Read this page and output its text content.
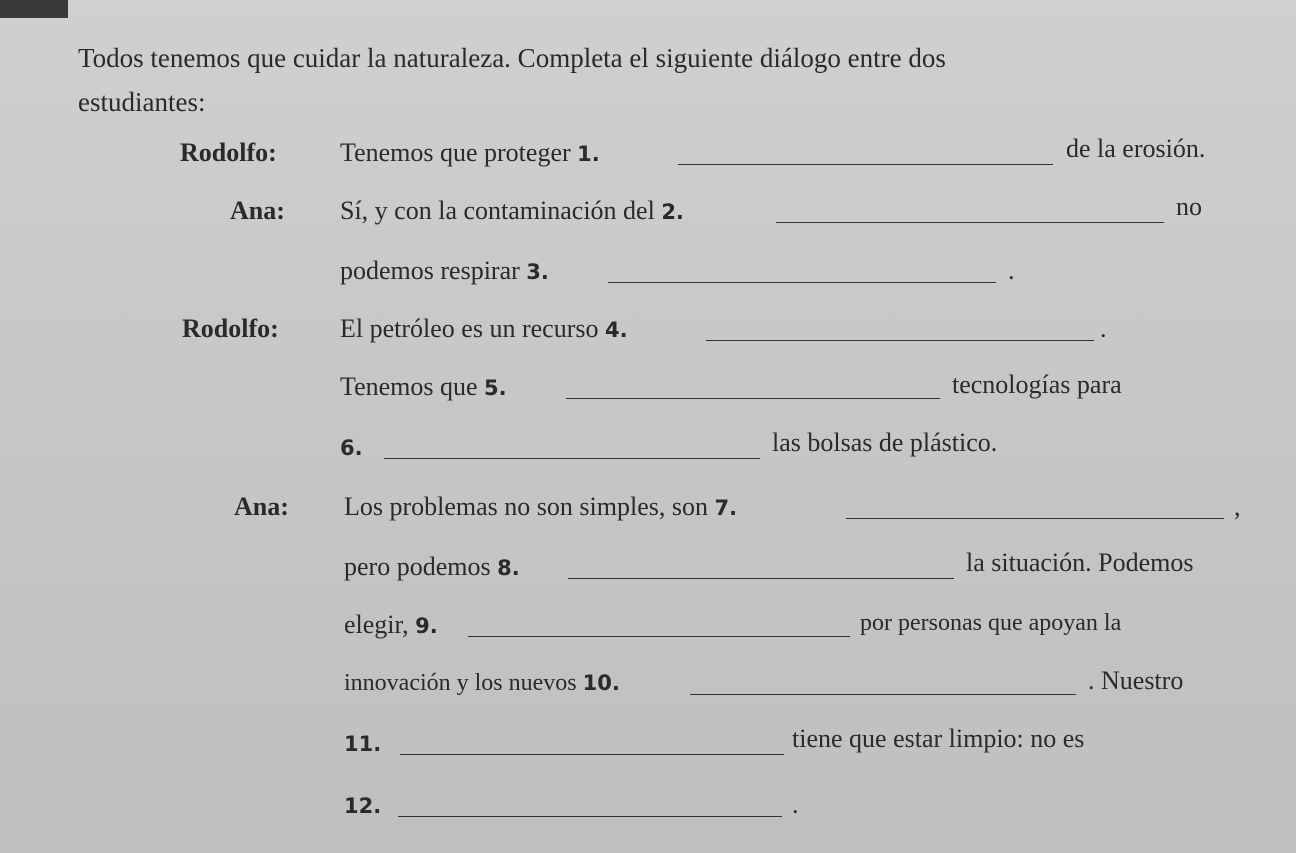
Todos tenemos que cuidar la naturaleza. Completa el siguiente diálogo entre dos estudiantes:
Rodolfo: Tenemos que proteger 1.	de la erosión.
Ana: Sí, y con la contaminación del 2.	no
podemos respirar 3.	.
Rodolfo: El petróleo es un recurso 4.	.
Tenemos que 5.	tecnologías para
6.	las bolsas de plástico.
Ana: Los problemas no son simples, son 7.	,
pero podemos 8.	la situación. Podemos
elegir, 9.	por personas que apoyan la
innovación y los nuevos 10.	. Nuestro
11.	tiene que estar limpio: no es
12.	.
